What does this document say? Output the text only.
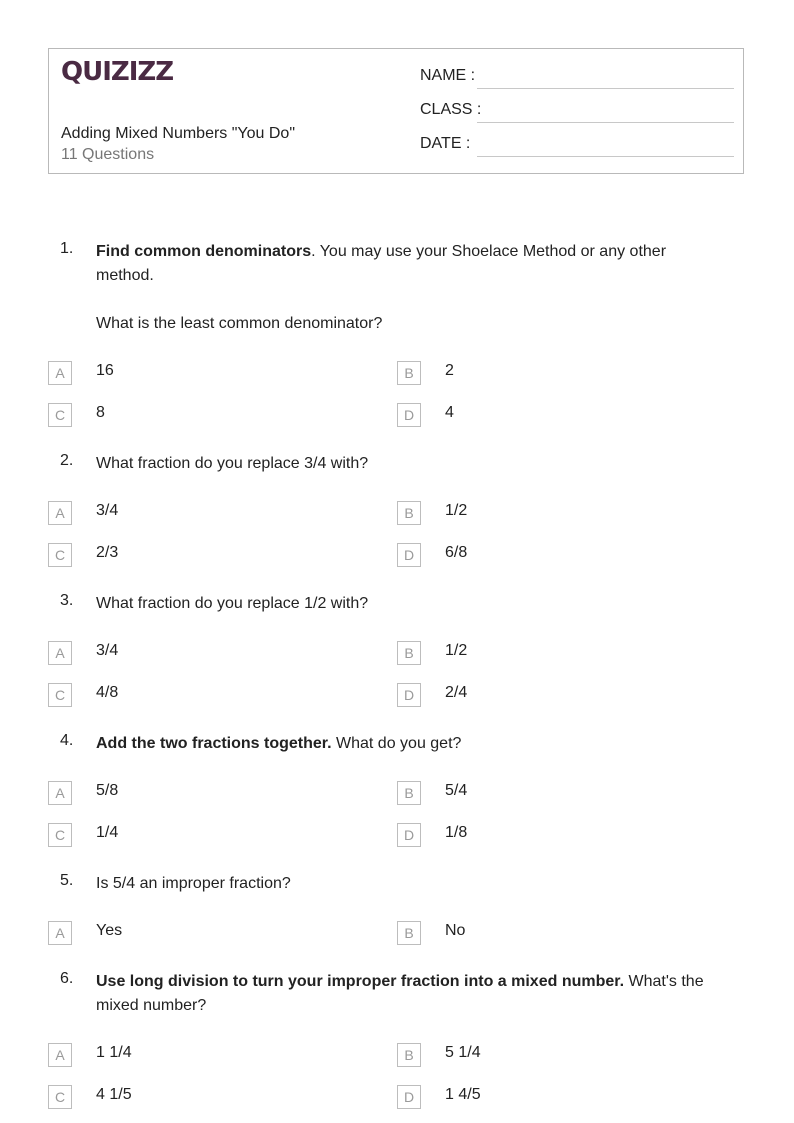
QUIZIZZ
Adding Mixed Numbers "You Do"
11 Questions
NAME :
CLASS :
DATE :
1. Find common denominators. You may use your Shoelace Method or any other method.
What is the least common denominator?
A	16	B	2
C	8	D	4
2. What fraction do you replace 3/4 with?
A	3/4	B	1/2
C	2/3	D	6/8
3. What fraction do you replace 1/2 with?
A	3/4	B	1/2
C	4/8	D	2/4
4. Add the two fractions together. What do you get?
A	5/8	B	5/4
C	1/4	D	1/8
5. Is 5/4 an improper fraction?
A	Yes	B	No
6. Use long division to turn your improper fraction into a mixed number. What's the mixed number?
A	1 1/4	B	5 1/4
C	4 1/5	D	1 4/5
